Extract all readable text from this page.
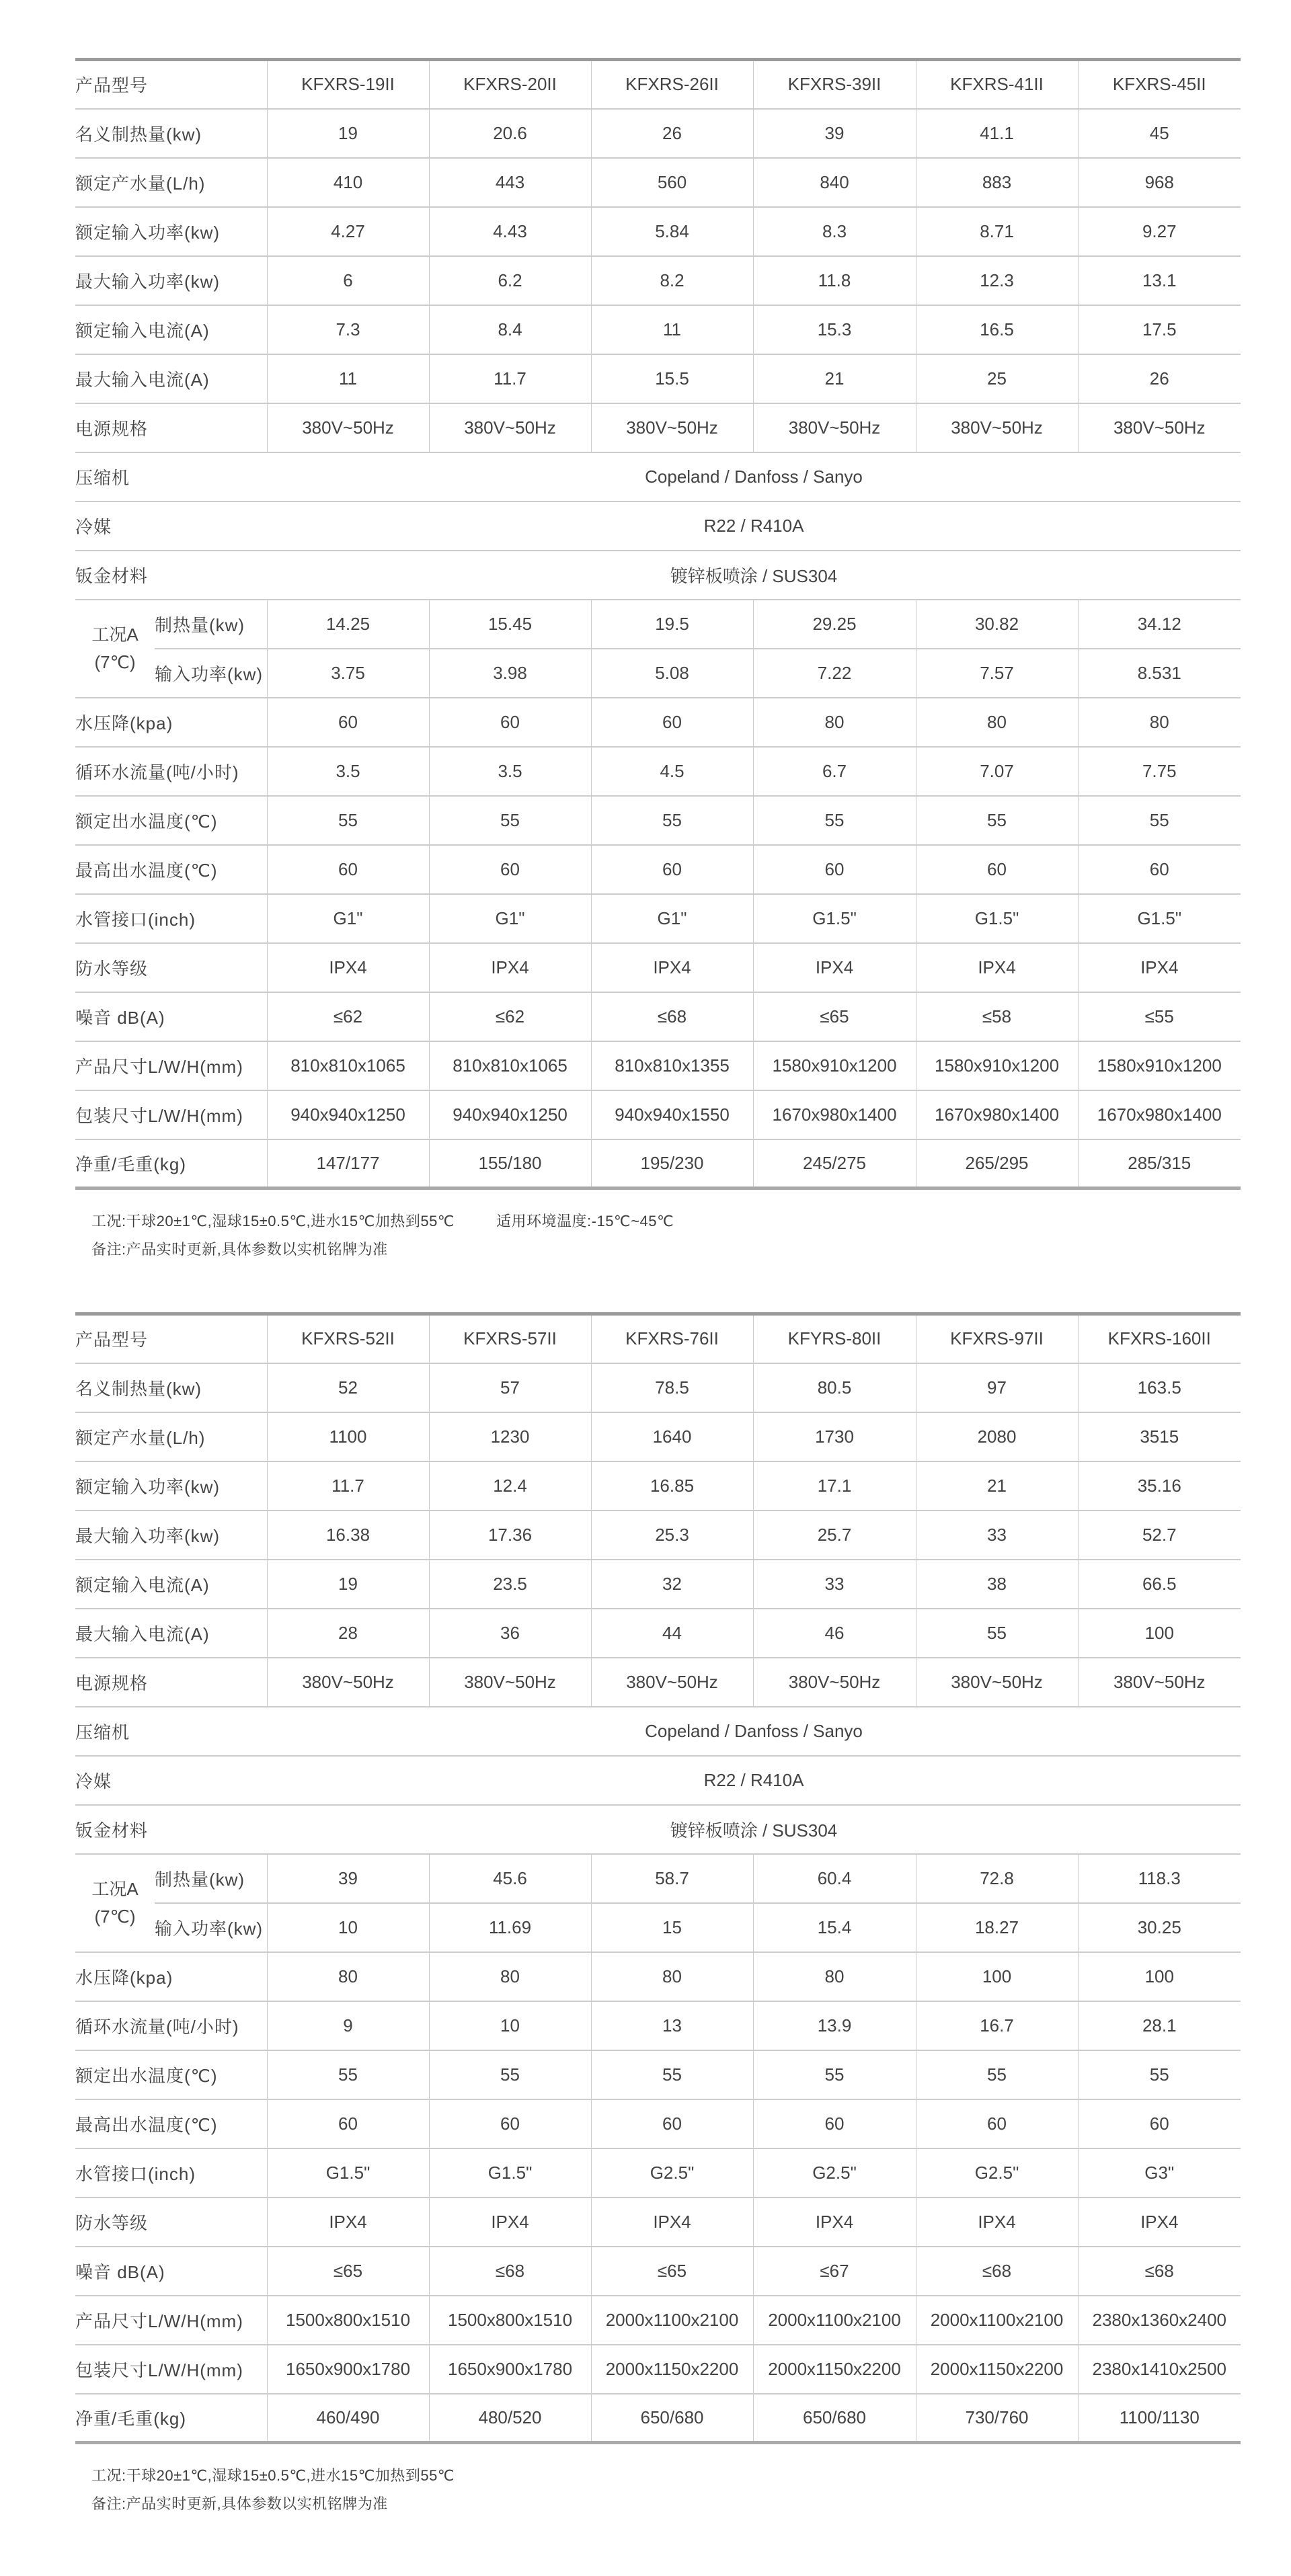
产品型号		KFXRS-19II	KFXRS-20II	KFXRS-26II	KFXRS-39II	KFXRS-41II	KFXRS-45II
名义制热量(kw)		19	20.6	26	39	41.1	45
额定产水量(L/h)		410	443	560	840	883	968
额定输入功率(kw)		4.27	4.43	5.84	8.3	8.71	9.27
最大输入功率(kw)		6	6.2	8.2	11.8	12.3	13.1
额定输入电流(A)		7.3	8.4	11	15.3	16.5	17.5
最大输入电流(A)		11	11.7	15.5	21	25	26
电源规格		380V~50Hz	380V~50Hz	380V~50Hz	380V~50Hz	380V~50Hz	380V~50Hz
压缩机		Copeland / Danfoss / Sanyo					
冷媒		R22 / R410A					
钣金材料		镀锌板喷涂 / SUS304					

工况A
(7℃)	制热量(kw)	14.25	15.45	19.5	29.25	30.82	34.12
	输入功率(kw)	3.75	3.98	5.08	7.22	7.57	8.531
水压降(kpa)		60	60	60	80	80	80
循环水流量(吨/小时)		3.5	3.5	4.5	6.7	7.07	7.75
额定出水温度(℃)		55	55	55	55	55	55
最高出水温度(℃)		60	60	60	60	60	60
水管接口(inch)		G1"	G1"	G1"	G1.5"	G1.5"	G1.5"
防水等级		IPX4	IPX4	IPX4	IPX4	IPX4	IPX4
噪音 dB(A)		≤62	≤62	≤68	≤65	≤58	≤55
产品尺寸L/W/H(mm)		810x810x1065	810x810x1065	810x810x1355	1580x910x1200	1580x910x1200	1580x910x1200
包装尺寸L/W/H(mm)		940x940x1250	940x940x1250	940x940x1550	1670x980x1400	1670x980x1400	1670x980x1400
净重/毛重(kg)		147/177	155/180	195/230	245/275	265/295	285/315
工况:干球20±1℃,湿球15±0.5℃,进水15℃加热到55℃	适用环境温度:-15℃~45℃
备注:产品实时更新,具体参数以实机铭牌为准
产品型号		KFXRS-52II	KFXRS-57II	KFXRS-76II	KFYRS-80II	KFXRS-97II	KFXRS-160II
名义制热量(kw)		52	57	78.5	80.5	97	163.5
额定产水量(L/h)		1100	1230	1640	1730	2080	3515
额定输入功率(kw)		11.7	12.4	16.85	17.1	21	35.16
最大输入功率(kw)		16.38	17.36	25.3	25.7	33	52.7
额定输入电流(A)		19	23.5	32	33	38	66.5
最大输入电流(A)		28	36	44	46	55	100
电源规格		380V~50Hz	380V~50Hz	380V~50Hz	380V~50Hz	380V~50Hz	380V~50Hz
压缩机		Copeland / Danfoss / Sanyo					
冷媒		R22 / R410A					
钣金材料		镀锌板喷涂 / SUS304					

工况A
(7℃)	制热量(kw)	39	45.6	58.7	60.4	72.8	118.3
	输入功率(kw)	10	11.69	15	15.4	18.27	30.25
水压降(kpa)		80	80	80	80	100	100
循环水流量(吨/小时)		9	10	13	13.9	16.7	28.1
额定出水温度(℃)		55	55	55	55	55	55
最高出水温度(℃)		60	60	60	60	60	60
水管接口(inch)		G1.5"	G1.5"	G2.5"	G2.5"	G2.5"	G3"
防水等级		IPX4	IPX4	IPX4	IPX4	IPX4	IPX4
噪音 dB(A)		≤65	≤68	≤65	≤67	≤68	≤68
产品尺寸L/W/H(mm)		1500x800x1510	1500x800x1510	2000x1100x2100	2000x1100x2100	2000x1100x2100	2380x1360x2400
包装尺寸L/W/H(mm)		1650x900x1780	1650x900x1780	2000x1150x2200	2000x1150x2200	2000x1150x2200	2380x1410x2500
净重/毛重(kg)		460/490	480/520	650/680	650/680	730/760	1100/1130
工况:干球20±1℃,湿球15±0.5℃,进水15℃加热到55℃
备注:产品实时更新,具体参数以实机铭牌为准
